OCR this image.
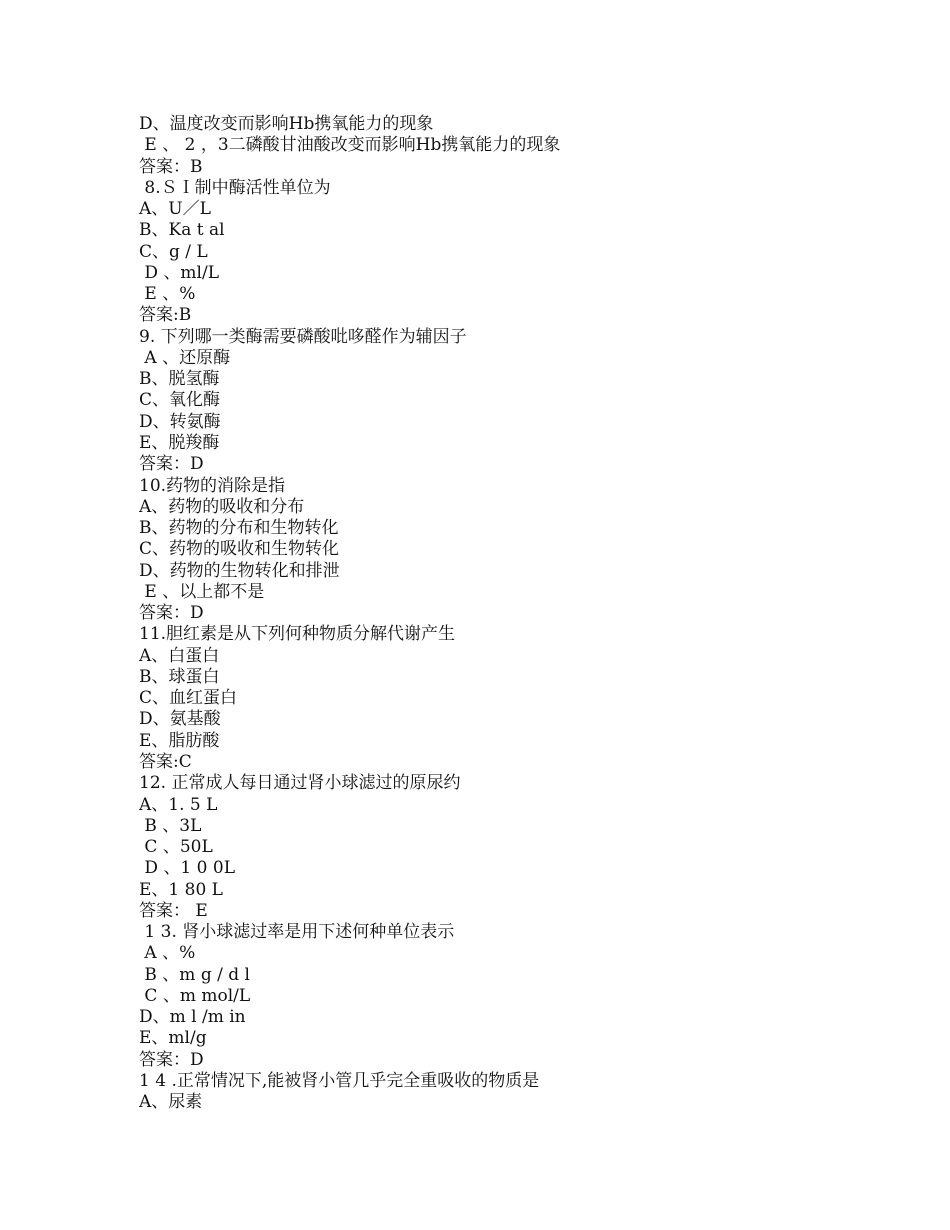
D、温度改变而影响Hb携氧能力的现象
E 、 2 ，3二磷酸甘油酸改变而影响Hb携氧能力的现象
答案：B
8.ＳＩ制中酶活性单位为
A、U／L
B、Ka t al
C、g / L
D 、ml/L
E 、%
答案:B
9. 下列哪一类酶需要磷酸吡哆醛作为辅因子
A 、还原酶
B、脱氢酶
C、氧化酶
D、转氨酶
E、脱羧酶
答案：D
10.药物的消除是指
A、药物的吸收和分布
B、药物的分布和生物转化
C、药物的吸收和生物转化
D、药物的生物转化和排泄
E 、以上都不是
答案：D
11.胆红素是从下列何种物质分解代谢产生
A、白蛋白
B、球蛋白
C、血红蛋白
D、氨基酸
E、脂肪酸
答案:C
12. 正常成人每日通过肾小球滤过的原尿约
A、1. 5 L
B 、3L
C 、50L
D 、1 0 0L
E、1 80 L
答案： E
1 3. 肾小球滤过率是用下述何种单位表示
A 、%
B 、m g / d l
C 、m mol/L
D、m l /m in
E、ml/g
答案：D
1 4 .正常情况下,能被肾小管几乎完全重吸收的物质是
A、尿素
